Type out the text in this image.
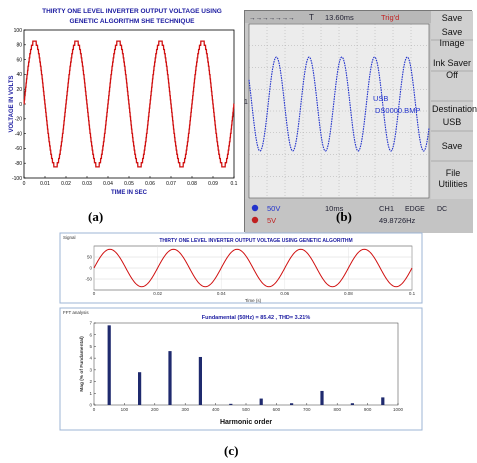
THIRTY ONE LEVEL INVERTER OUTPUT VOLTAGE USING
GENETIC ALGORITHM SHE TECHNIQUE
100
80
60
40
20
0
-20
-40
-60
-80
-100
0	0.01 0.02 0.03 0.04 0.05 0.06 0.07 0.08 0.09	0.1
TIME IN SEC
VOLTAGE IN VOLTS
(a)
→→→→→→→ T 13.60ms	Trig'd
1	USB
DS0000.BMP
50V
5V
10ms	CH1 EDGE DC
49.8726Hz
Save
Save Image
Ink Saver
Off
Destination
USB
Save
File Utilities
(b)
Signal
THIRTY ONE LEVEL INVERTER OUTPUT VOLTAGE USING GENETIC ALGORITHM
50
0
-50
0	0.02	0.04	0.06	0.08	0.1
Time (s)
FFT analysis
Fundamental (50Hz) = 85.42 , THD= 3.21%
0
1
2
3
4
5
6
7
0	100	200	300	400	500	600	700	800	900	1000
Mag (% of Fundamental)
Harmonic order
(c)
